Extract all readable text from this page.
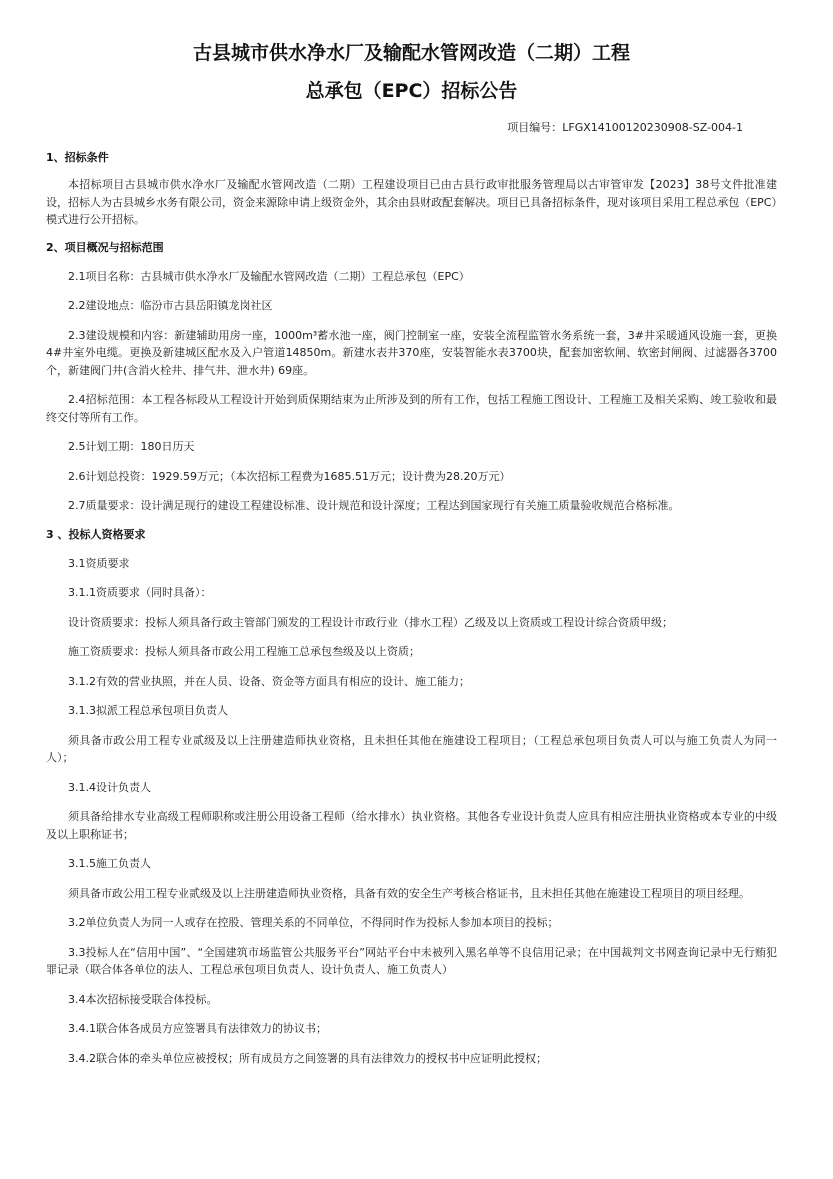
古县城市供水净水厂及输配水管网改造（二期）工程
总承包（EPC）招标公告
项目编号：LFGX14100120230908-SZ-004-1
1、招标条件

本招标项目古县城市供水净水厂及输配水管网改造（二期）工程建设项目已由古县行政审批服务管理局以古审管审发【2023】38号文件批准建设，招标人为古县城乡水务有限公司，资金来源除申请上级资金外，其余由县财政配套解决。项目已具备招标条件，现对该项目采用工程总承包（EPC）模式进行公开招标。

2、项目概况与招标范围

2.1项目名称：古县城市供水净水厂及输配水管网改造（二期）工程总承包（EPC）

2.2建设地点：临汾市古县岳阳镇龙岗社区

2.3建设规模和内容：新建辅助用房一座，1000m³蓄水池一座，阀门控制室一座，安装全流程监管水务系统一套，3#井采暖通风设施一套，更换4#井室外电缆。更换及新建城区配水及入户管道14850m。新建水表井370座，安装智能水表3700块，配套加密软闸、软密封闸阀、过滤器各3700个，新建阀门井(含消火栓井、排气井、泄水井) 69座。

2.4招标范围：本工程各标段从工程设计开始到质保期结束为止所涉及到的所有工作，包括工程施工图设计、工程施工及相关采购、竣工验收和最终交付等所有工作。

2.5计划工期：180日历天

2.6计划总投资：1929.59万元；（本次招标工程费为1685.51万元；设计费为28.20万元）

2.7质量要求：设计满足现行的建设工程建设标准、设计规范和设计深度；工程达到国家现行有关施工质量验收规范合格标准。

3 、投标人资格要求

3.1资质要求

3.1.1资质要求（同时具备）：

设计资质要求：投标人须具备行政主管部门颁发的工程设计市政行业（排水工程）乙级及以上资质或工程设计综合资质甲级；

施工资质要求：投标人须具备市政公用工程施工总承包叁级及以上资质；

3.1.2有效的营业执照，并在人员、设备、资金等方面具有相应的设计、施工能力；

3.1.3拟派工程总承包项目负责人

须具备市政公用工程专业贰级及以上注册建造师执业资格，且未担任其他在施建设工程项目；（工程总承包项目负责人可以与施工负责人为同一人）；

3.1.4设计负责人

须具备给排水专业高级工程师职称或注册公用设备工程师（给水排水）执业资格。其他各专业设计负责人应具有相应注册执业资格或本专业的中级及以上职称证书；

3.1.5施工负责人

须具备市政公用工程专业贰级及以上注册建造师执业资格，具备有效的安全生产考核合格证书，且未担任其他在施建设工程项目的项目经理。

3.2单位负责人为同一人或存在控股、管理关系的不同单位，不得同时作为投标人参加本项目的投标；

3.3投标人在“信用中国”、“全国建筑市场监管公共服务平台”网站平台中未被列入黑名单等不良信用记录；在中国裁判文书网查询记录中无行贿犯罪记录（联合体各单位的法人、工程总承包项目负责人、设计负责人、施工负责人）

3.4本次招标接受联合体投标。

3.4.1联合体各成员方应签署具有法律效力的协议书；

3.4.2联合体的牵头单位应被授权；所有成员方之间签署的具有法律效力的授权书中应证明此授权；
